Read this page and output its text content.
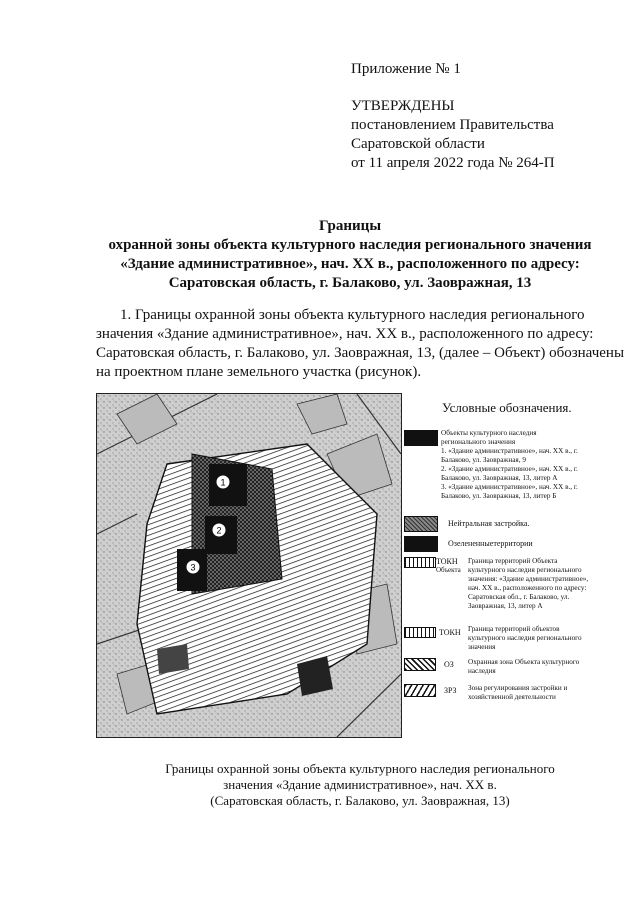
Приложение № 1
УТВЕРЖДЕНЫ
постановлением Правительства
Саратовской области
от 11 апреля 2022 года № 264-П
Границы
охранной зоны объекта культурного наследия регионального значения
«Здание административное», нач. XX в., расположенного по адресу:
Саратовская область, г. Балаково, ул. Заовражная, 13
1. Границы охранной зоны объекта культурного наследия регионального
значения «Здание административное», нач. XX в., расположенного по адресу:
Саратовская область, г. Балаково, ул. Заовражная, 13, (далее – Объект) обозначены
на проектном плане земельного участка (рисунок).
1
2
3
Условные обозначения.
Объекты культурного наследия
регионального значения
1. «Здание административное», нач. XX в., г.
Балаково, ул. Заовражная, 9
2. «Здание административное», нач. XX в., г.
Балаково, ул. Заовражная, 13, литер А
3. «Здание административное», нач. XX в., г.
Балаково, ул. Заовражная, 13, литер Б
Нейтральная застройка.
Озелененныетерритории
ТОКН
Объекта
Граница территорий Объекта
культурного наследия регионального
значения: «Здание административное»,
нач. XX в., расположенного по адресу:
Саратовская обл., г. Балаково, ул.
Заовражная, 13, литер А
ТОКН Граница территорий объектов
культурного наследия регионального
значения
ОЗ Охранная зона Объекта культурного
наследия
ЗРЗ Зона регулирования застройки и
хозяйственной деятельности
Границы охранной зоны объекта культурного наследия регионального
значения «Здание административное», нач. XX в.
(Саратовская область, г. Балаково, ул. Заовражная, 13)
